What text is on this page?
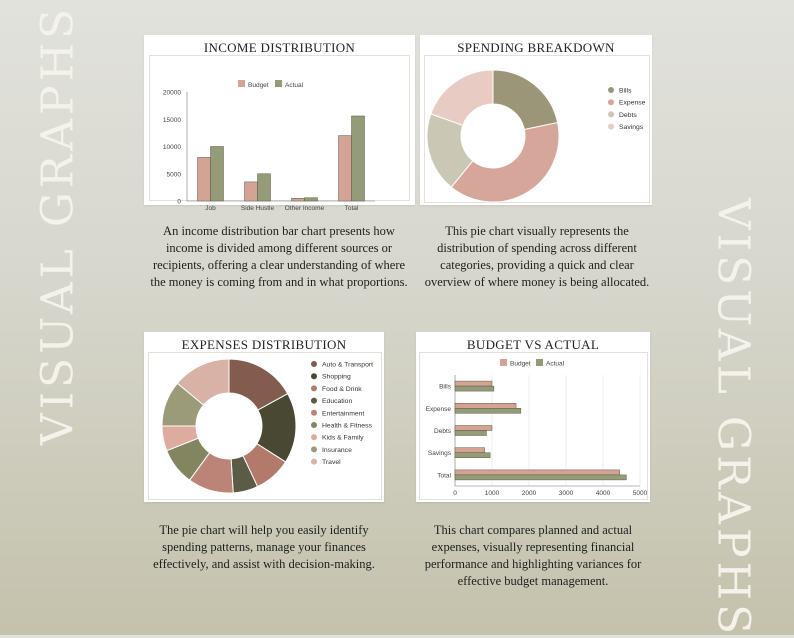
VISUAL GRAPHS	VISUAL GRAPHS
INCOME DISTRIBUTION
Budget	Actual
0
5000
10000
15000
20000
Job	Side Hustle Other Income	Total
SPENDING BREAKDOWN
Bills
Expense
Debts
Savings
EXPENSES DISTRIBUTION
Auto & Transport
Shopping
Food & Drink
Education
Entertainment
Health & Fitness
Kids & Family
Insurance
Travel
BUDGET VS ACTUAL
Budget Actual
0	1000	2000	3000	4000	5000
Bills
Expense
Debts
Savings
Total
An income distribution bar chart presents how income is divided among different sources or recipients, offering a clear understanding of where the money is coming from and in what proportions.
This pie chart visually represents the distribution of spending across different categories, providing a quick and clear overview of where money is being allocated.
The pie chart will help you easily identify spending patterns, manage your finances effectively, and assist with decision-making.
This chart compares planned and actual expenses, visually representing financial performance and highlighting variances for effective budget management.
